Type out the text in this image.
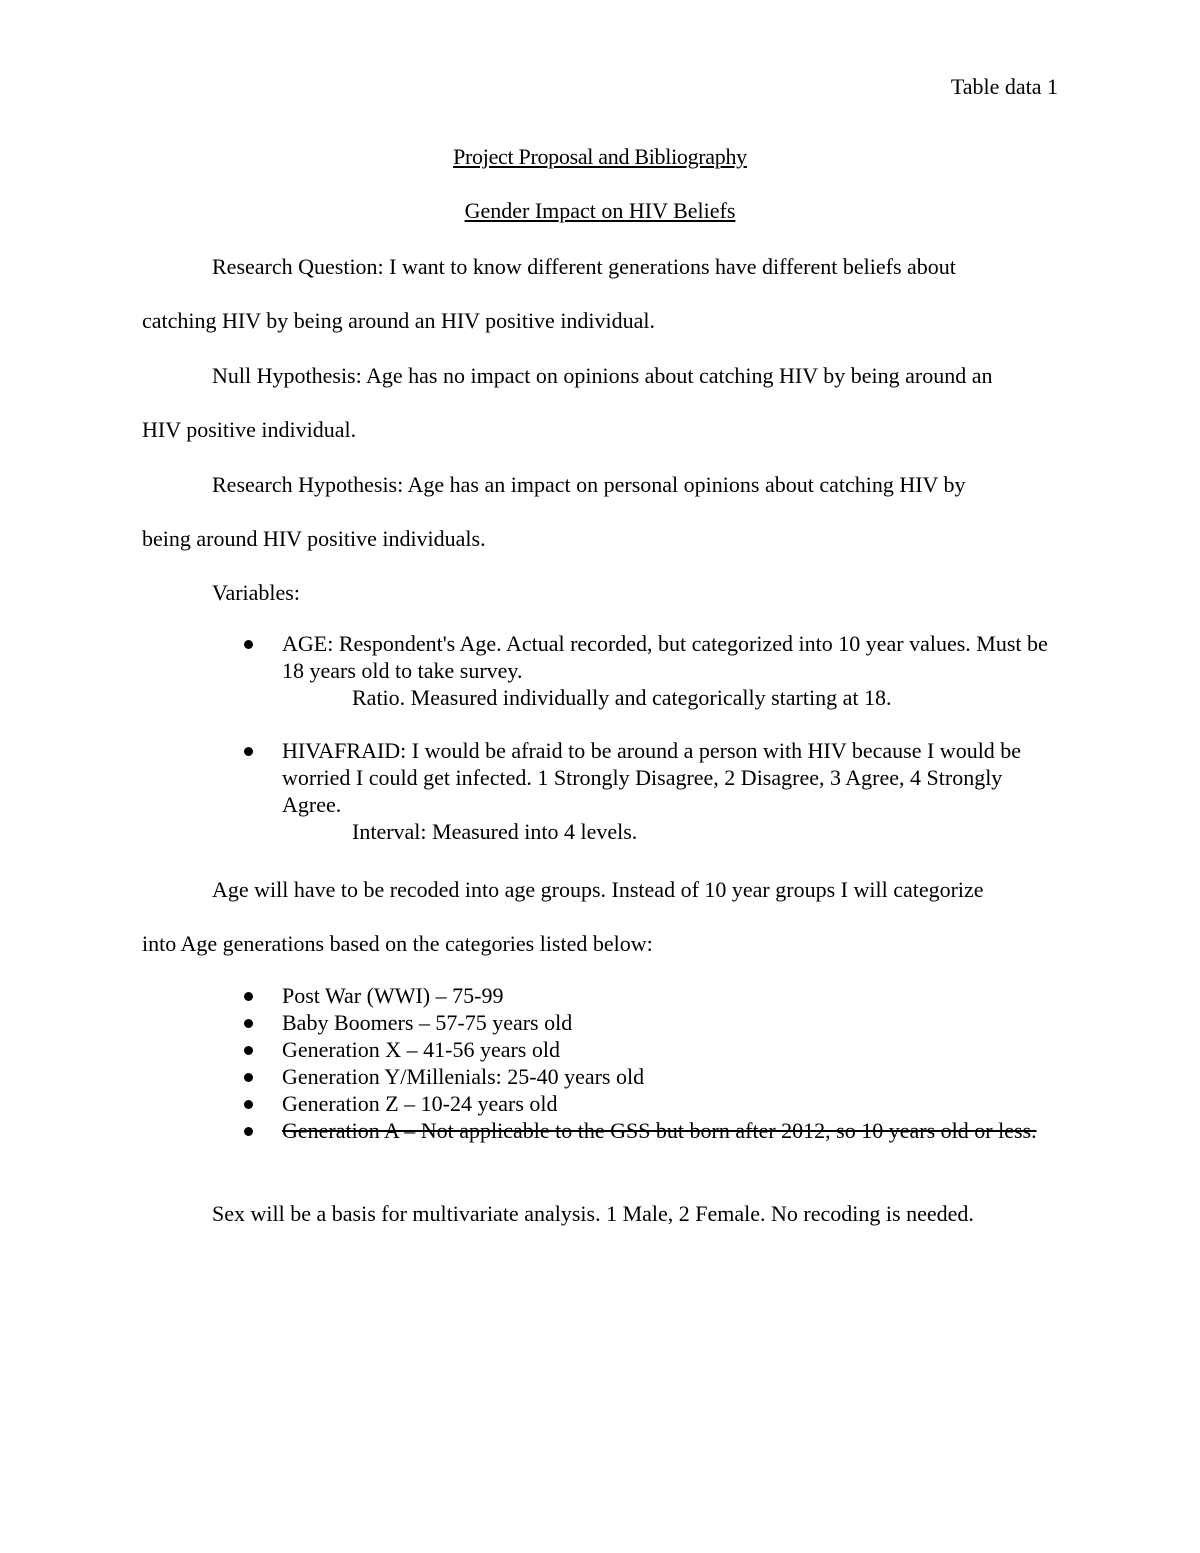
Table data 1
Project Proposal and Bibliography
Gender Impact on HIV Beliefs
Research Question: I want to know different generations have different beliefs about
catching HIV by being around an HIV positive individual.
Null Hypothesis: Age has no impact on opinions about catching HIV by being around an
HIV positive individual.
Research Hypothesis: Age has an impact on personal opinions about catching HIV by
being around HIV positive individuals.
Variables:
AGE: Respondent's Age. Actual recorded, but categorized into 10 year values. Must be 18 years old to take survey.
Ratio. Measured individually and categorically starting at 18.
HIVAFRAID: I would be afraid to be around a person with HIV because I would be worried I could get infected. 1 Strongly Disagree, 2 Disagree, 3 Agree, 4 Strongly Agree.
Interval: Measured into 4 levels.
Age will have to be recoded into age groups. Instead of 10 year groups I will categorize
into Age generations based on the categories listed below:
Post War (WWI) – 75-99
Baby Boomers – 57-75 years old
Generation X – 41-56 years old
Generation Y/Millenials: 25-40 years old
Generation Z – 10-24 years old
Generation A – Not applicable to the GSS but born after 2012, so 10 years old or less.
Sex will be a basis for multivariate analysis. 1 Male, 2 Female. No recoding is needed.
